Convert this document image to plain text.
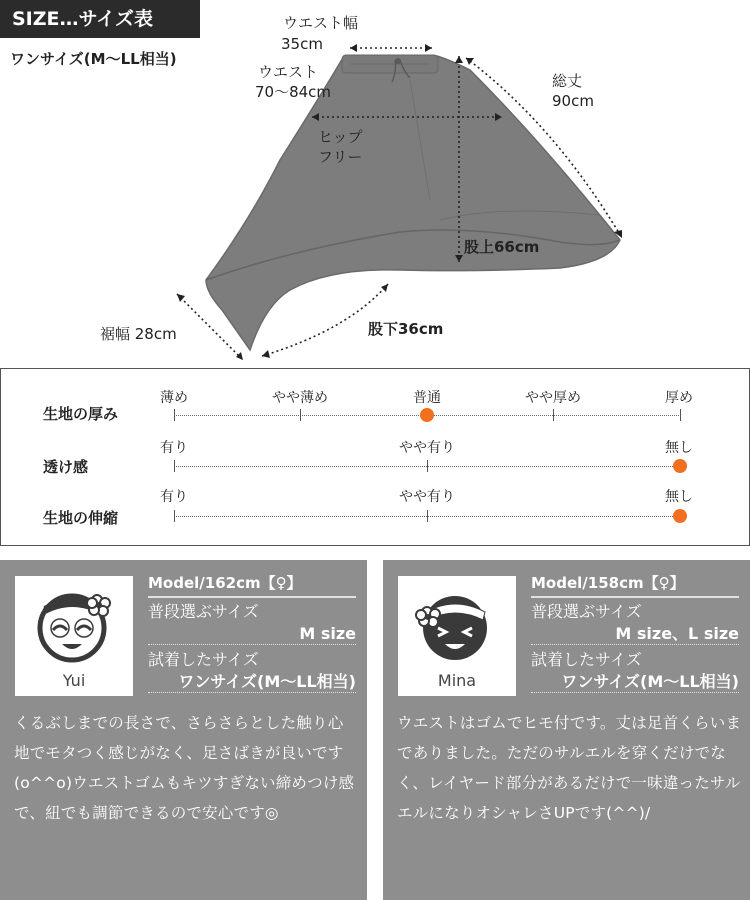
SIZE…サイズ表
ワンサイズ(M〜LL相当)
ウエスト幅
35cm
ウエスト
70〜84cm
ヒップ
フリー
総丈
90cm
股上66cm
股下36cm
裾幅 28cm
生地の厚み
薄め	やや薄め	普通	やや厚め	厚め
透け感
有り	やや有り	無し
生地の伸縮
有り	やや有り	無し
Yui
Model/162cm【♀】
普段選ぶサイズ
M size
試着したサイズ
ワンサイズ(M〜LL相当)
くるぶしまでの長さで、さらさらとした触り心地でモタつく感じがなく、足さばきが良いです(o^^o)ウエストゴムもキツすぎない締めつけ感で、紐でも調節できるので安心です◎
Mina
Model/158cm【♀】
普段選ぶサイズ
M size、L size
試着したサイズ
ワンサイズ(M〜LL相当)
ウエストはゴムでヒモ付です。丈は足首くらいまでありました。ただのサルエルを穿くだけでなく、レイヤード部分があるだけで一味違ったサルエルになりオシャレさUPです(^^)/
